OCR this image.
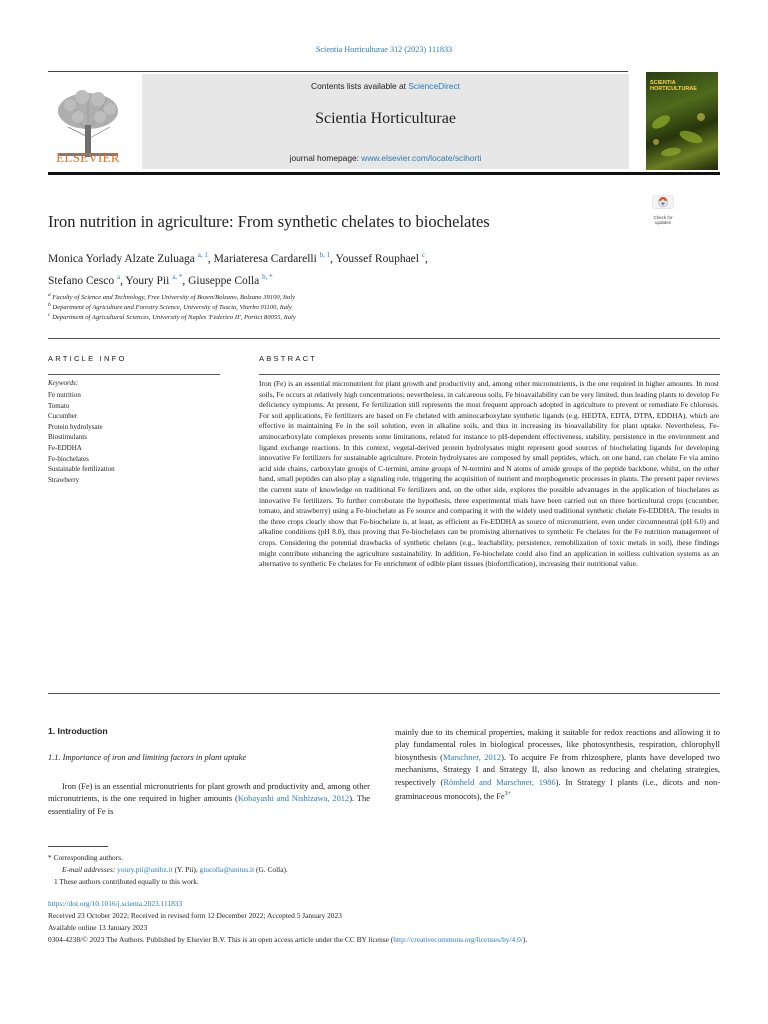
Scientia Horticulturae 312 (2023) 111833
ELSEVIER
Contents lists available at ScienceDirect
Scientia Horticulturae
journal homepage: www.elsevier.com/locate/scihorti
SCIENTIA HORTICULTURAE
Iron nutrition in agriculture: From synthetic chelates to biochelates	Check for updates
Monica Yorlady Alzate Zuluaga $^{a, 1}$, Mariateresa Cardarelli $^{b, 1}$, Youssef Rouphael $^c$,
Stefano Cesco $^a$, Youry Pii $^{a, *}$, Giuseppe Colla $^{b, *}$
$^a$ Faculty of Science and Technology, Free University of Bozen/Bolzano, Bolzano 39100, Italy
$^b$ Department of Agriculture and Forestry Science, University of Tuscia, Viterbo 01100, Italy
$^c$ Department of Agricultural Sciences, University of Naples 'Federico II', Portici 80055, Italy
ARTICLE INFO	ABSTRACT
Keywords:
Fe nutrition
Tomato
Cucumber
Protein hydrolysate
Biostimulants
Fe-EDDHA
Fe-biochelates
Sustainable fertilization
Strawberry
Iron (Fe) is an essential micronutrient for plant growth and productivity and, among other micronutrients, is the one required in higher amounts. In most soils, Fe occurs at relatively high concentrations; nevertheless, in calcareous soils, Fe bioavailability can be very limited, thus leading plants to develop Fe deficiency symptoms. At present, Fe fertilization still represents the most frequent approach adopted in agriculture to prevent or remediate Fe chlorosis. For soil applications, Fe fertilizers are based on Fe chelated with aminocarboxylate synthetic ligands (e.g. HEDTA, EDTA, DTPA, EDDHA), which are effective in maintaining Fe in the soil solution, even in alkaline soils, and thus in increasing its bioavailability for plant uptake. Nevertheless, Fe-aminocarboxylate complexes presents some limitations, related for instance to pH-dependent effectiveness, stability, persistence in the environment and ligand exchange reactions. In this context, vegetal-derived protein hydrolysates might represent good sources of biochelating ligands for developing innovative Fe fertilizers for sustainable agriculture. Protein hydrolysates are composed by small peptides, which, on one hand, can chelate Fe via amino acid side chains, carboxylate groups of C-termini, amine groups of N-termini and N atoms of amide groups of the peptide backbone, whilst, on the other hand, small peptides can also play a signaling role, triggering the acquisition of nutrient and morphogenetic processes in plants. The present paper reviews the current state of knowledge on traditional Fe fertilizers and, on the other side, explores the possible advantages in the application of biochelates as innovative Fe fertilizers. To further corroborate the hypothesis, three experimental trials have been carried out on three horticultural crops (cucumber, tomato, and strawberry) using a Fe-biochelate as Fe source and comparing it with the widely used traditional synthetic chelate Fe-EDDHA. The results in the three crops clearly show that Fe-biochelate is, at least, as efficient as Fe-EDDHA as source of micronutrient, even under circumneutral (pH 6.0) and alkaline conditions (pH 8.0), thus proving that Fe-biochelates can be promising alternatives to synthetic Fe chelates for the Fe nutrition management of crops. Considering the potential drawbacks of synthetic chelates (e.g., leachability, persistence, remobilization of toxic metals in soil), these findings might contribute enhancing the agriculture sustainability. In addition, Fe-biochelate could also find an application in soilless cultivation systems as an alternative to synthetic Fe chelates for Fe enrichment of edible plant tissues (biofortification), increasing their nutritional value.
1. Introduction
1.1. Importance of iron and limiting factors in plant uptake
Iron (Fe) is an essential micronutrients for plant growth and productivity and, among other micronutrients, is the one required in higher amounts (Kobayashi and Nishizawa, 2012). The essentiality of Fe is
mainly due to its chemical properties, making it suitable for redox reactions and allowing it to play fundamental roles in biological processes, like photosynthesis, respiration, chlorophyll biosynthesis (Marschner, 2012). To acquire Fe from rhizosphere, plants have developed two mechanisms, Strategy I and Strategy II, also known as reducing and chelating strategies, respectively (Römheld and Marschner, 1986). In Strategy I plants (i.e., dicots and non-graminaceous monocots), the $Fe^{3+}$
* Corresponding authors.
E-mail addresses: youry.pii@unibz.it (Y. Pii), giucolla@unitus.it (G. Colla).
1 These authors contributed equally to this work.
https://doi.org/10.1016/j.scienta.2023.111833
Received 23 October 2022; Received in revised form 12 December 2022; Accepted 5 January 2023
Available online 13 January 2023
0304-4238/© 2023 The Authors. Published by Elsevier B.V. This is an open access article under the CC BY license (http://creativecommons.org/licenses/by/4.0/).
